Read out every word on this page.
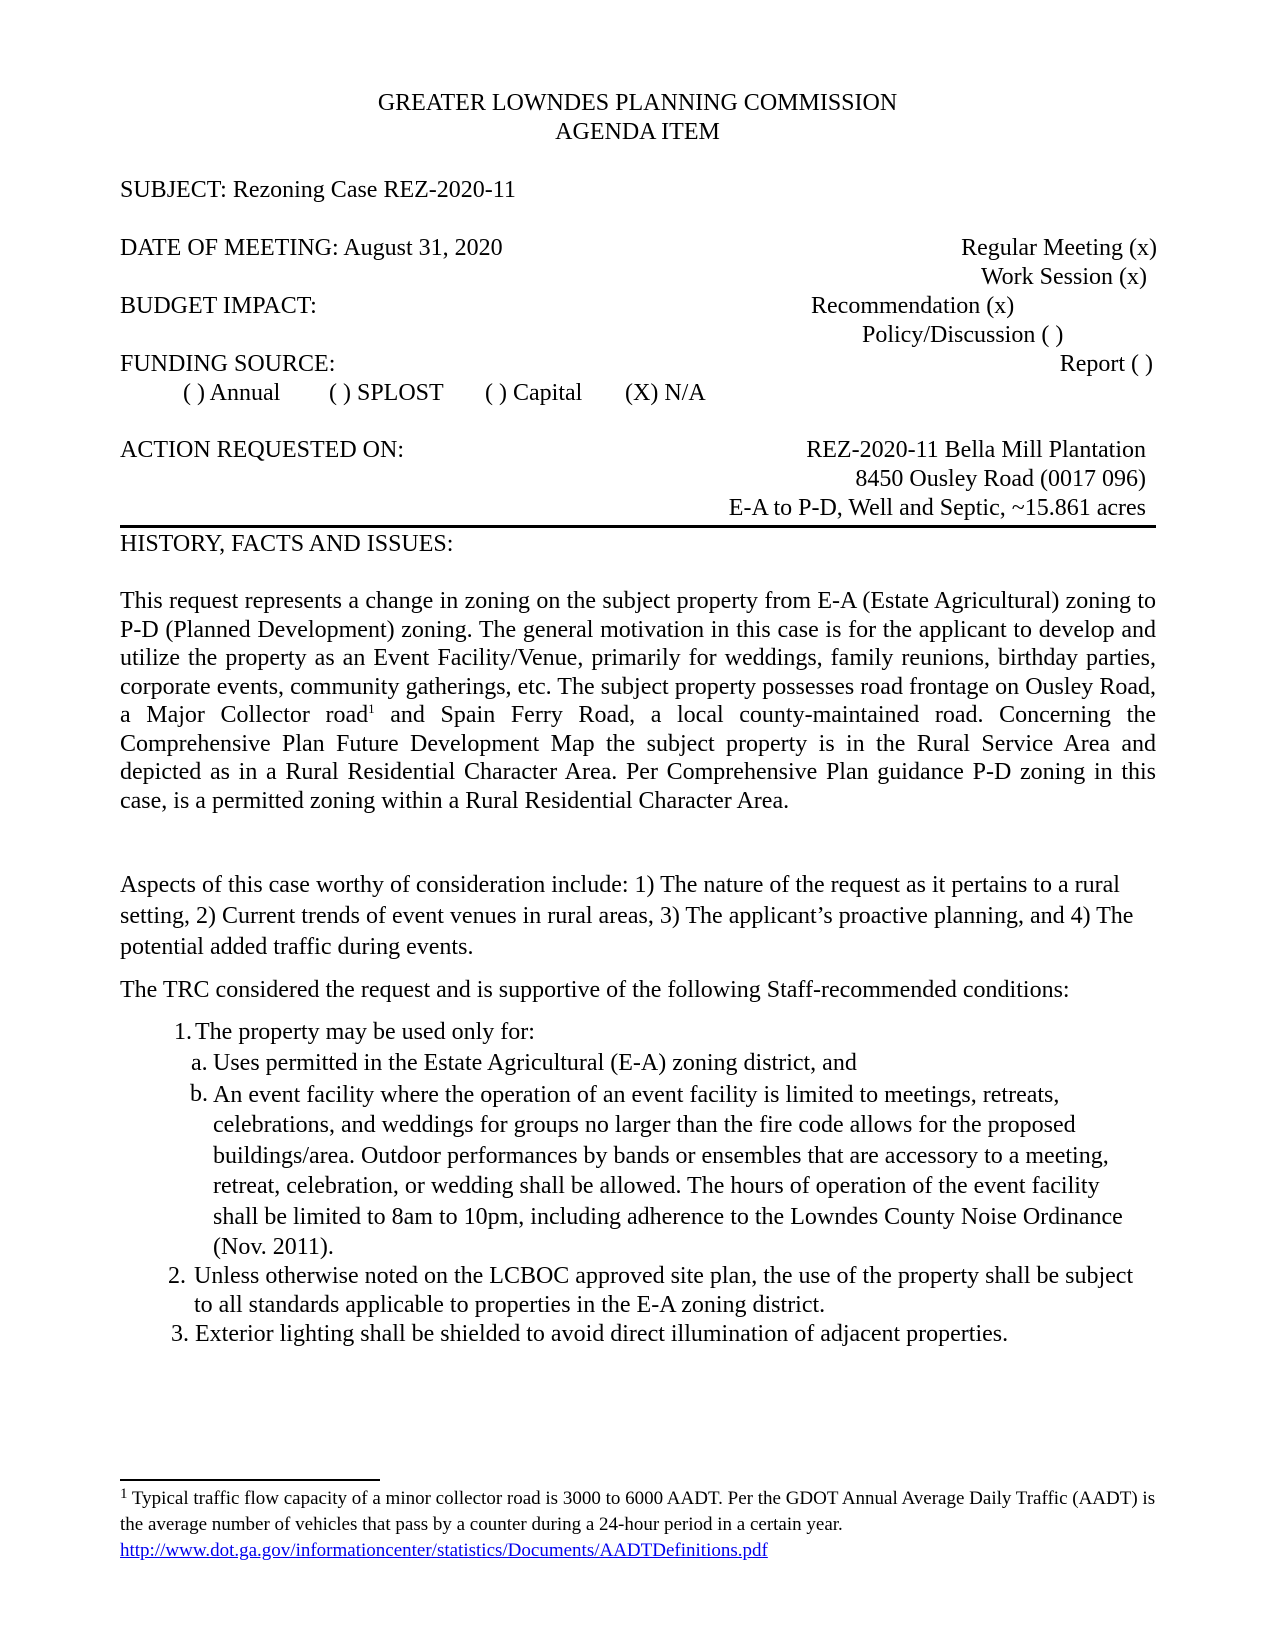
GREATER LOWNDES PLANNING COMMISSION
AGENDA ITEM
SUBJECT: Rezoning Case REZ-2020-11
DATE OF MEETING: August 31, 2020
BUDGET IMPACT:
FUNDING SOURCE:
( ) Annual ( ) SPLOST ( ) Capital (X) N/A
ACTION REQUESTED ON:
Regular Meeting (x)
Work Session (x)
Recommendation (x)
Policy/Discussion ( )
Report ( )
REZ-2020-11 Bella Mill Plantation
8450 Ousley Road (0017 096)
E-A to P-D, Well and Septic, ~15.861 acres
HISTORY, FACTS AND ISSUES:
This request represents a change in zoning on the subject property from E-A (Estate Agricultural) zoning to P-D (Planned Development) zoning. The general motivation in this case is for the applicant to develop and utilize the property as an Event Facility/Venue, primarily for weddings, family reunions, birthday parties, corporate events, community gatherings, etc. The subject property possesses road frontage on Ousley Road, a Major Collector road$^1$ and Spain Ferry Road, a local county-maintained road. Concerning the Comprehensive Plan Future Development Map the subject property is in the Rural Service Area and depicted as in a Rural Residential Character Area. Per Comprehensive Plan guidance P-D zoning in this case, is a permitted zoning within a Rural Residential Character Area.
Aspects of this case worthy of consideration include: 1) The nature of the request as it pertains to a rural setting, 2) Current trends of event venues in rural areas, 3) The applicant’s proactive planning, and 4) The potential added traffic during events.
The TRC considered the request and is supportive of the following Staff-recommended conditions:
1. The property may be used only for:
a. Uses permitted in the Estate Agricultural (E-A) zoning district, and
b. An event facility where the operation of an event facility is limited to meetings, retreats, celebrations, and weddings for groups no larger than the fire code allows for the proposed buildings/area. Outdoor performances by bands or ensembles that are accessory to a meeting, retreat, celebration, or wedding shall be allowed. The hours of operation of the event facility shall be limited to 8am to 10pm, including adherence to the Lowndes County Noise Ordinance (Nov. 2011).
2. Unless otherwise noted on the LCBOC approved site plan, the use of the property shall be subject to all standards applicable to properties in the E-A zoning district.
3. Exterior lighting shall be shielded to avoid direct illumination of adjacent properties.
$^1$ Typical traffic flow capacity of a minor collector road is 3000 to 6000 AADT. Per the GDOT Annual Average Daily Traffic (AADT) is the average number of vehicles that pass by a counter during a 24-hour period in a certain year.
http://www.dot.ga.gov/informationcenter/statistics/Documents/AADTDefinitions.pdf
